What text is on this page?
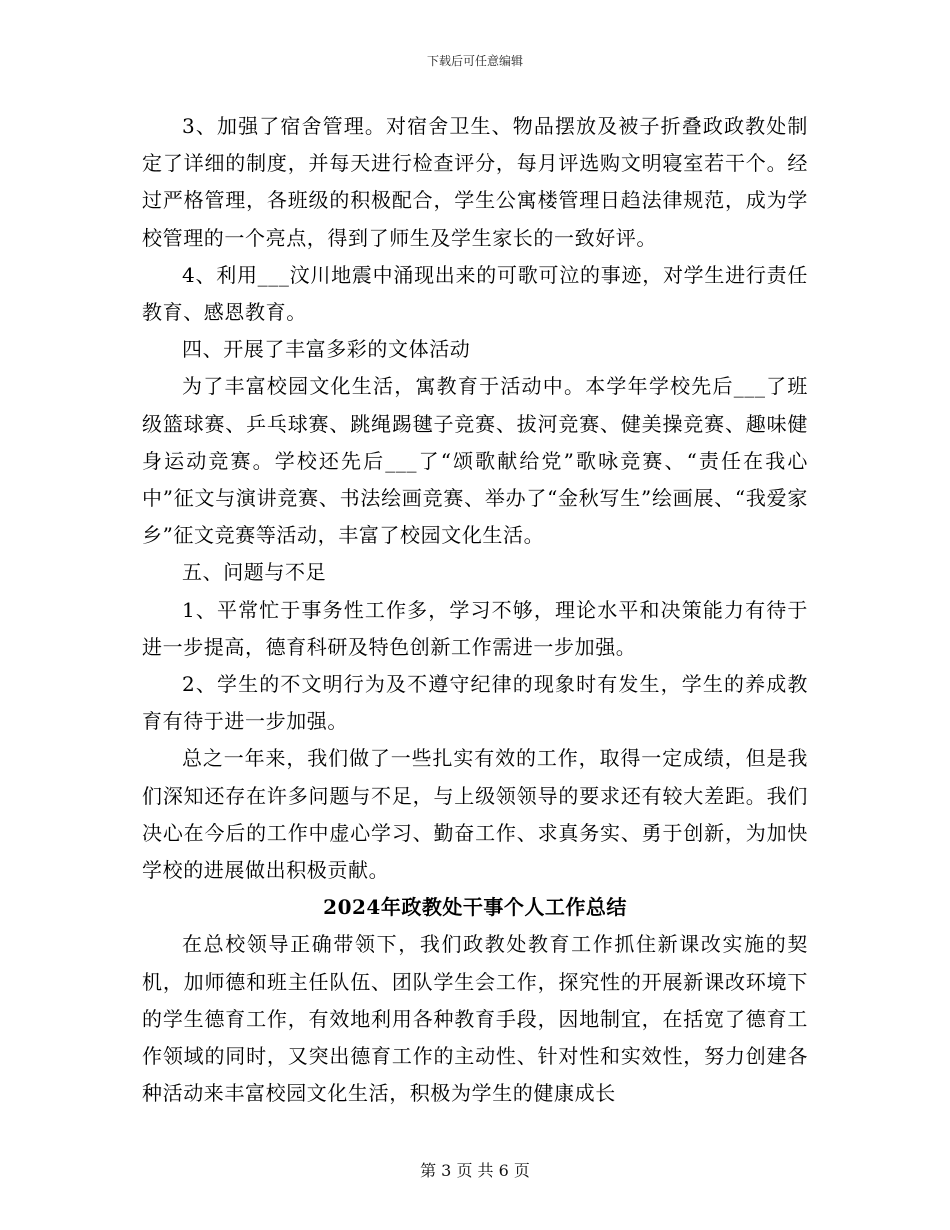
下载后可任意编辑

3、加强了宿舍管理。对宿舍卫生、物品摆放及被子折叠政政教处制定了详细的制度，并每天进行检查评分，每月评选购文明寝室若干个。经过严格管理，各班级的积极配合，学生公寓楼管理日趋法律规范，成为学校管理的一个亮点，得到了师生及学生家长的一致好评。

4、利用___汶川地震中涌现出来的可歌可泣的事迹，对学生进行责任教育、感恩教育。

四、开展了丰富多彩的文体活动

为了丰富校园文化生活，寓教育于活动中。本学年学校先后___了班级篮球赛、乒乓球赛、跳绳踢毽子竞赛、拔河竞赛、健美操竞赛、趣味健身运动竞赛。学校还先后___了“颂歌献给党”歌咏竞赛、“责任在我心中”征文与演讲竞赛、书法绘画竞赛、举办了“金秋写生”绘画展、“我爱家乡”征文竞赛等活动，丰富了校园文化生活。

五、问题与不足

1、平常忙于事务性工作多，学习不够，理论水平和决策能力有待于进一步提高，德育科研及特色创新工作需进一步加强。

2、学生的不文明行为及不遵守纪律的现象时有发生，学生的养成教育有待于进一步加强。

总之一年来，我们做了一些扎实有效的工作，取得一定成绩，但是我们深知还存在许多问题与不足，与上级领领导的要求还有较大差距。我们决心在今后的工作中虚心学习、勤奋工作、求真务实、勇于创新，为加快学校的进展做出积极贡献。

2024年政教处干事个人工作总结

在总校领导正确带领下，我们政教处教育工作抓住新课改实施的契机，加师德和班主任队伍、团队学生会工作，探究性的开展新课改环境下的学生德育工作，有效地利用各种教育手段，因地制宜，在括宽了德育工作领域的同时，又突出德育工作的主动性、针对性和实效性，努力创建各种活动来丰富校园文化生活，积极为学生的健康成长

第 3 页 共 6 页
